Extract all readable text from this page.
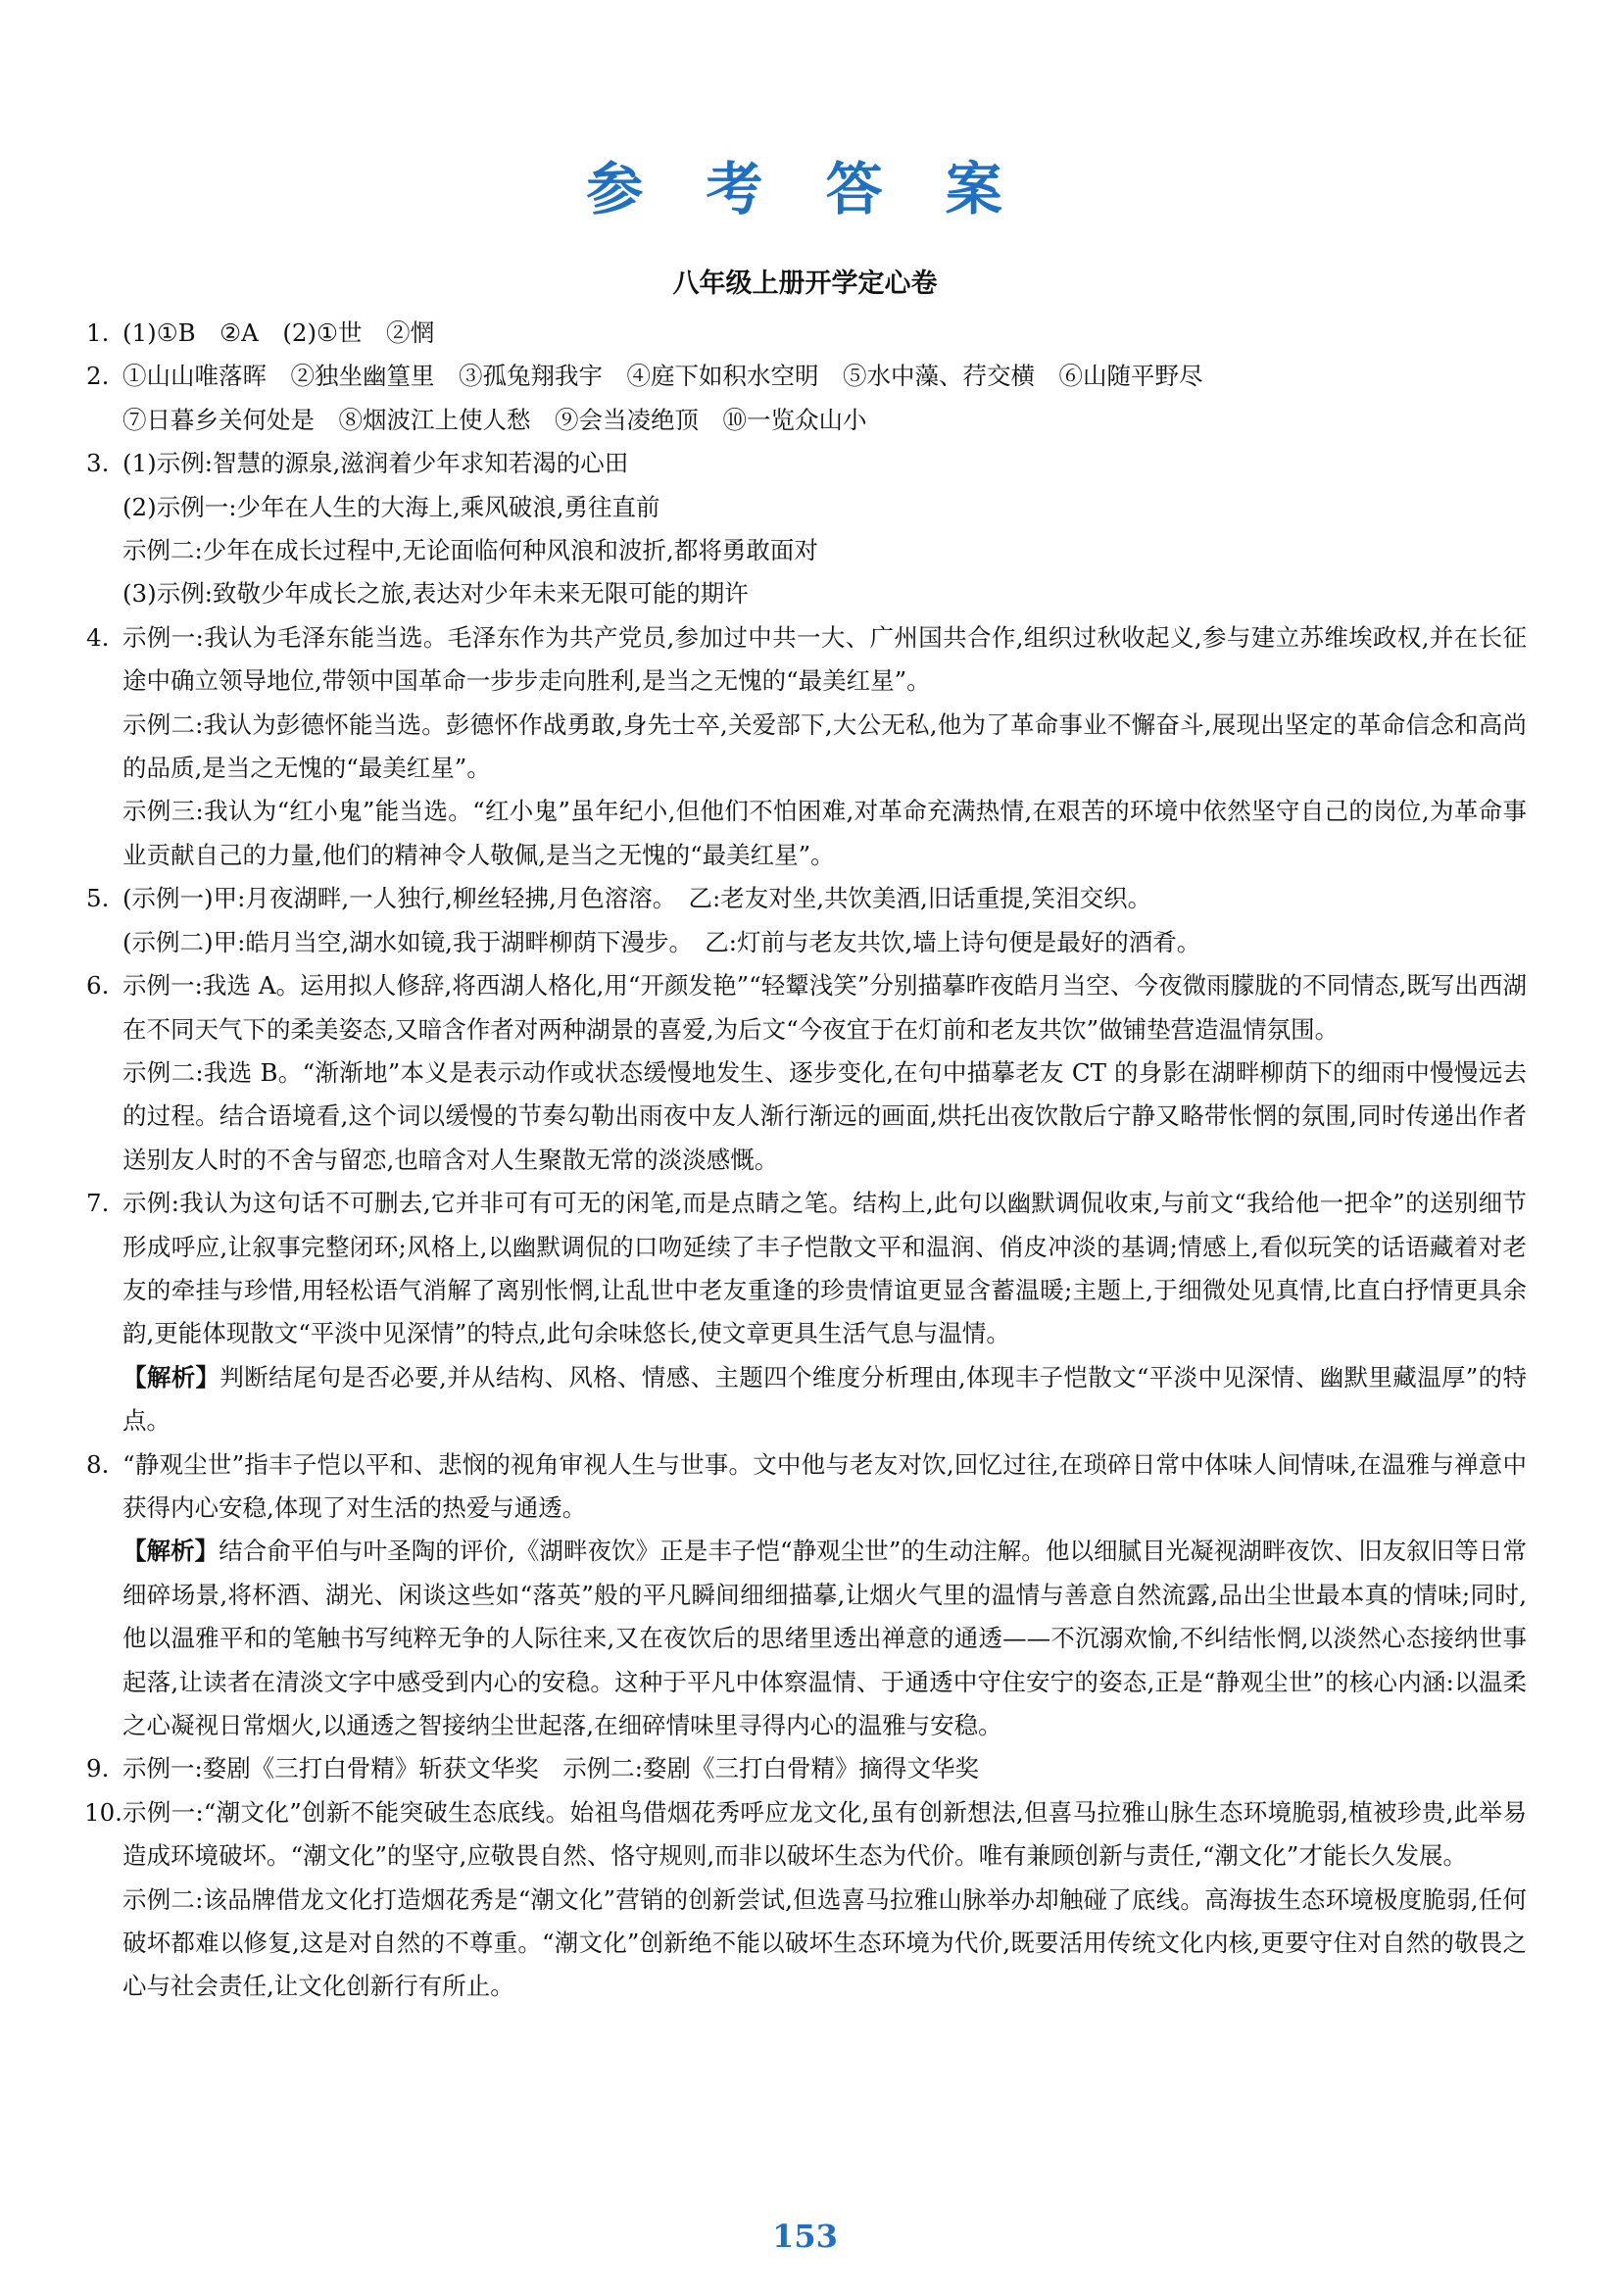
参 考 答 案
八年级上册开学定心卷
1. (1)①B　②A　(2)①世　②惘
2. ①山山唯落晖　②独坐幽篁里　③孤兔翔我宇　④庭下如积水空明　⑤水中藻、荇交横　⑥山随平野尽
⑦日暮乡关何处是　⑧烟波江上使人愁　⑨会当凌绝顶　⑩一览众山小
3. (1)示例:智慧的源泉,滋润着少年求知若渴的心田
(2)示例一:少年在人生的大海上,乘风破浪,勇往直前
示例二:少年在成长过程中,无论面临何种风浪和波折,都将勇敢面对
(3)示例:致敬少年成长之旅,表达对少年未来无限可能的期许
4. 示例一:我认为毛泽东能当选。毛泽东作为共产党员,参加过中共一大、广州国共合作,组织过秋收起义,参与建立苏维埃政权,并在长征途中确立领导地位,带领中国革命一步步走向胜利,是当之无愧的“最美红星”。
示例二:我认为彭德怀能当选。彭德怀作战勇敢,身先士卒,关爱部下,大公无私,他为了革命事业不懈奋斗,展现出坚定的革命信念和高尚的品质,是当之无愧的“最美红星”。
示例三:我认为“红小鬼”能当选。“红小鬼”虽年纪小,但他们不怕困难,对革命充满热情,在艰苦的环境中依然坚守自己的岗位,为革命事业贡献自己的力量,他们的精神令人敬佩,是当之无愧的“最美红星”。
5. (示例一)甲:月夜湖畔,一人独行,柳丝轻拂,月色溶溶。　乙:老友对坐,共饮美酒,旧话重提,笑泪交织。
(示例二)甲:皓月当空,湖水如镜,我于湖畔柳荫下漫步。　乙:灯前与老友共饮,墙上诗句便是最好的酒肴。
6. 示例一:我选 A。运用拟人修辞,将西湖人格化,用“开颜发艳”“轻颦浅笑”分别描摹昨夜皓月当空、今夜微雨朦胧的不同情态,既写出西湖在不同天气下的柔美姿态,又暗含作者对两种湖景的喜爱,为后文“今夜宜于在灯前和老友共饮”做铺垫营造温情氛围。
示例二:我选 B。“渐渐地”本义是表示动作或状态缓慢地发生、逐步变化,在句中描摹老友 CT 的身影在湖畔柳荫下的细雨中慢慢远去的过程。结合语境看,这个词以缓慢的节奏勾勒出雨夜中友人渐行渐远的画面,烘托出夜饮散后宁静又略带怅惘的氛围,同时传递出作者送别友人时的不舍与留恋,也暗含对人生聚散无常的淡淡感慨。
7. 示例:我认为这句话不可删去,它并非可有可无的闲笔,而是点睛之笔。结构上,此句以幽默调侃收束,与前文“我给他一把伞”的送别细节形成呼应,让叙事完整闭环;风格上,以幽默调侃的口吻延续了丰子恺散文平和温润、俏皮冲淡的基调;情感上,看似玩笑的话语藏着对老友的牵挂与珍惜,用轻松语气消解了离别怅惘,让乱世中老友重逢的珍贵情谊更显含蓄温暖;主题上,于细微处见真情,比直白抒情更具余韵,更能体现散文“平淡中见深情”的特点,此句余味悠长,使文章更具生活气息与温情。
【解析】判断结尾句是否必要,并从结构、风格、情感、主题四个维度分析理由,体现丰子恺散文“平淡中见深情、幽默里藏温厚”的特点。
8. “静观尘世”指丰子恺以平和、悲悯的视角审视人生与世事。文中他与老友对饮,回忆过往,在琐碎日常中体味人间情味,在温雅与禅意中获得内心安稳,体现了对生活的热爱与通透。
【解析】结合俞平伯与叶圣陶的评价,《湖畔夜饮》正是丰子恺“静观尘世”的生动注解。他以细腻目光凝视湖畔夜饮、旧友叙旧等日常细碎场景,将杯酒、湖光、闲谈这些如“落英”般的平凡瞬间细细描摹,让烟火气里的温情与善意自然流露,品出尘世最本真的情味;同时,他以温雅平和的笔触书写纯粹无争的人际往来,又在夜饮后的思绪里透出禅意的通透——不沉溺欢愉,不纠结怅惘,以淡然心态接纳世事起落,让读者在清淡文字中感受到内心的安稳。这种于平凡中体察温情、于通透中守住安宁的姿态,正是“静观尘世”的核心内涵:以温柔之心凝视日常烟火,以通透之智接纳尘世起落,在细碎情味里寻得内心的温雅与安稳。
9. 示例一:婺剧《三打白骨精》斩获文华奖　示例二:婺剧《三打白骨精》摘得文华奖
10. 示例一:“潮文化”创新不能突破生态底线。始祖鸟借烟花秀呼应龙文化,虽有创新想法,但喜马拉雅山脉生态环境脆弱,植被珍贵,此举易造成环境破坏。“潮文化”的坚守,应敬畏自然、恪守规则,而非以破坏生态为代价。唯有兼顾创新与责任,“潮文化”才能长久发展。
示例二:该品牌借龙文化打造烟花秀是“潮文化”营销的创新尝试,但选喜马拉雅山脉举办却触碰了底线。高海拔生态环境极度脆弱,任何破坏都难以修复,这是对自然的不尊重。“潮文化”创新绝不能以破坏生态环境为代价,既要活用传统文化内核,更要守住对自然的敬畏之心与社会责任,让文化创新行有所止。
153
